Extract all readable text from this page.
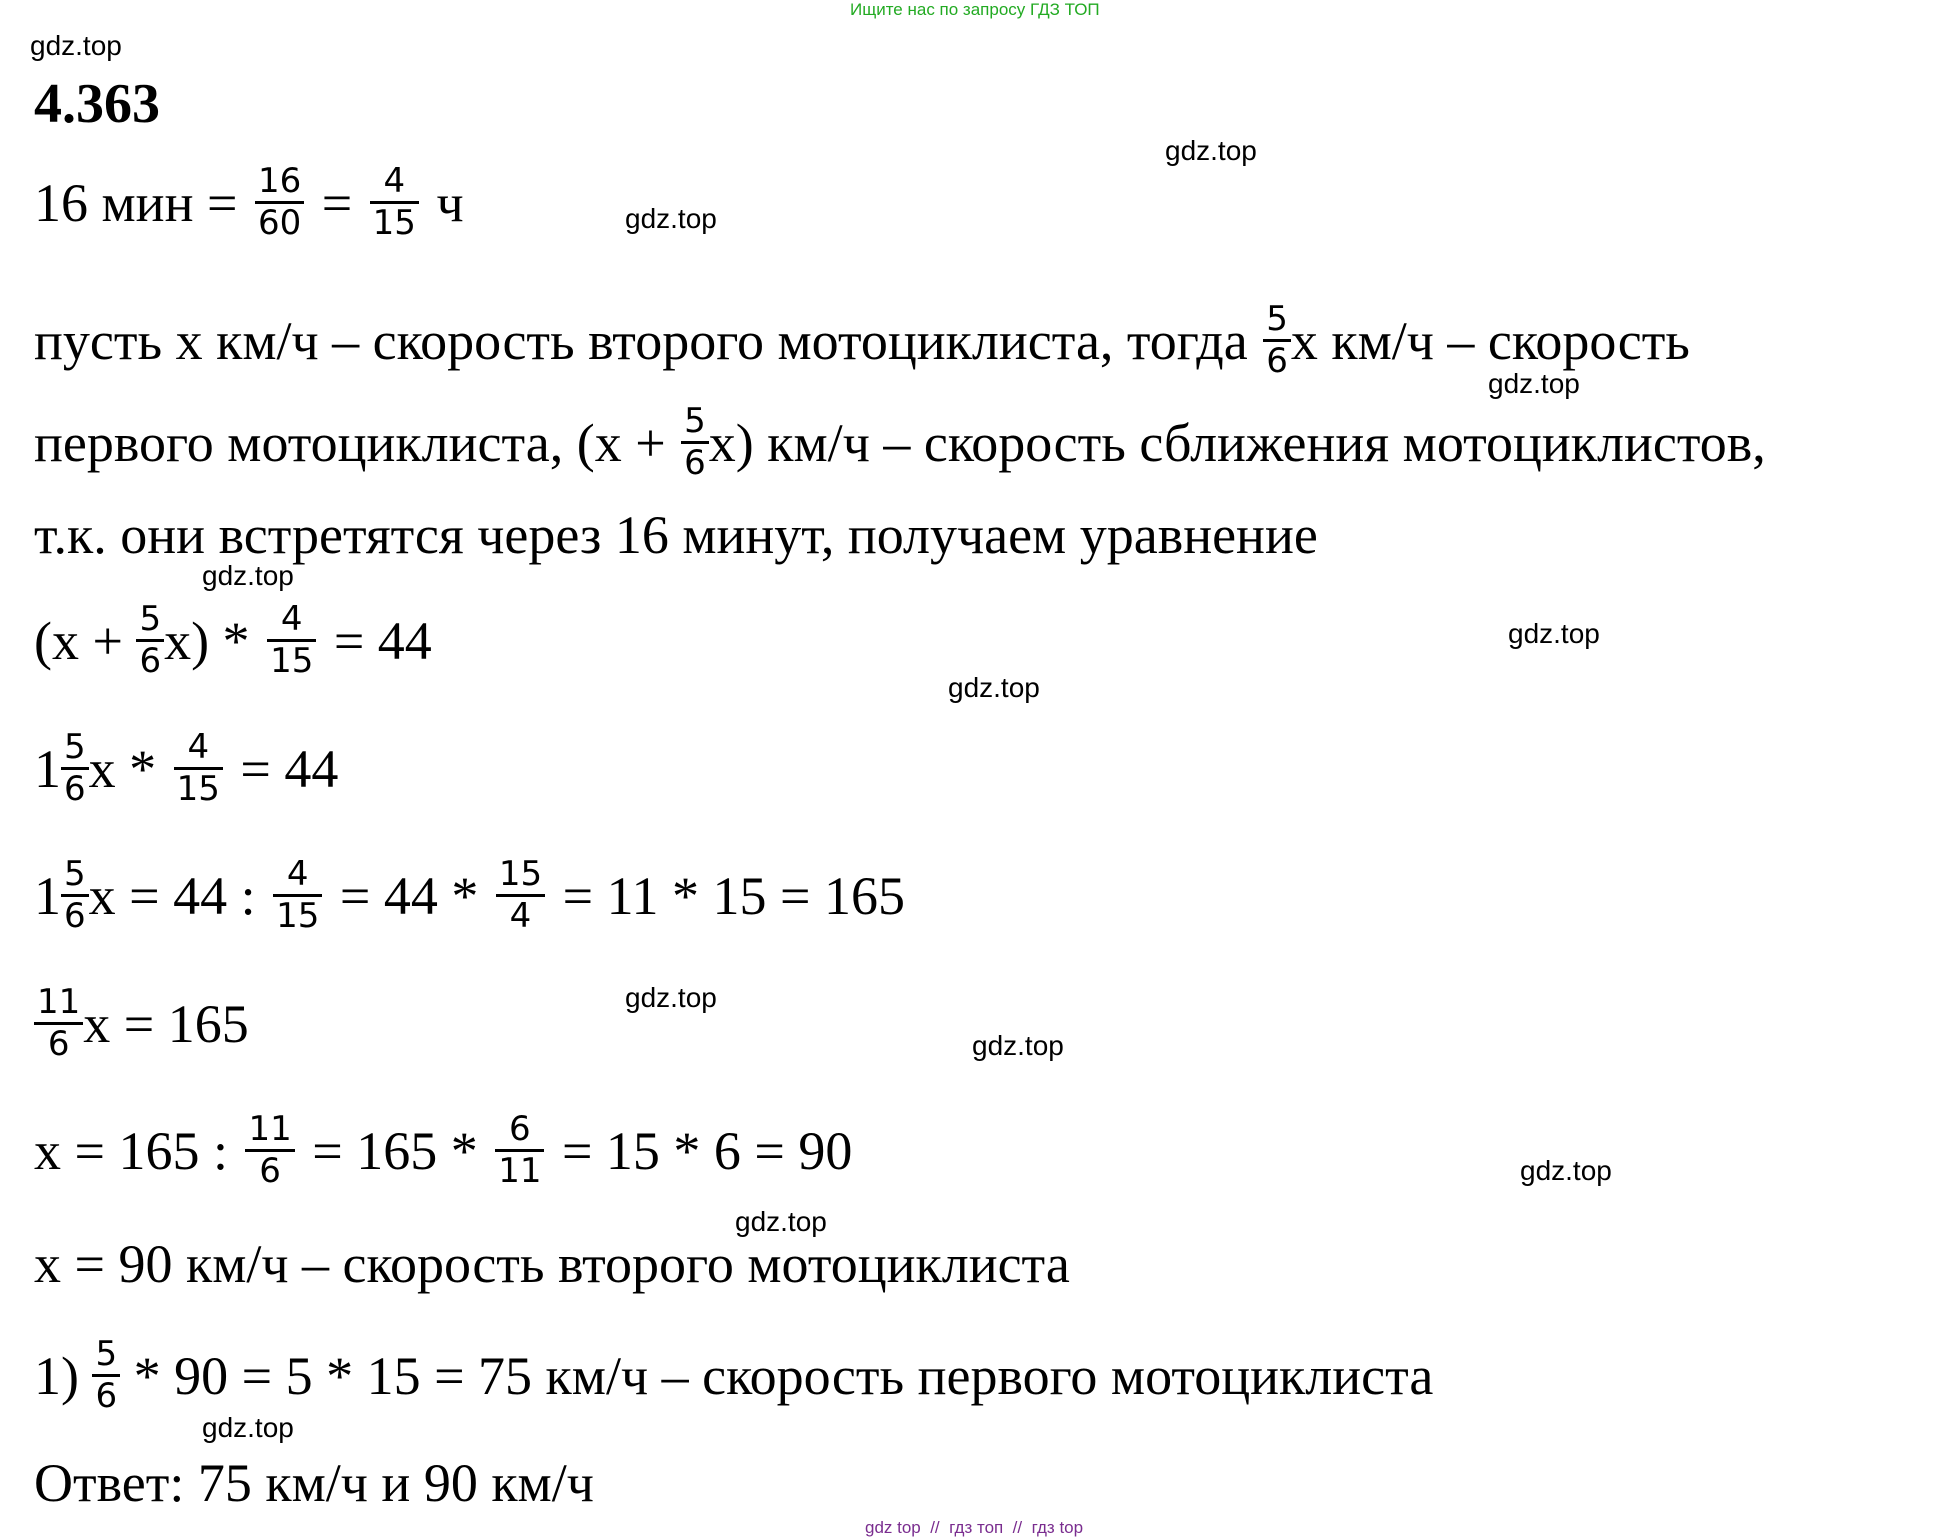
Ищите нас по запросу ГДЗ ТОП
gdz.top
gdz.top
gdz.top
gdz.top
gdz.top
gdz.top
gdz.top
gdz.top
gdz.top
gdz.top
gdz.top
gdz.top
4.363
16 мин = $\frac{16}{60} = \frac{4}{15}$ ч
пусть x км/ч – скорость второго мотоциклиста, тогда $\frac{5}{6}$ x км/ч – скорость
первого мотоциклиста, $(x + \frac{5}{6} x)$ км/ч – скорость сближения мотоциклистов,
т.к. они встретятся через 16 минут, получаем уравнение
$(x + \frac{5}{6} x) * \frac{4}{15} = 44$
$1 \frac{5}{6}$ $x * \frac{4}{15} = 44$
$1 \frac{5}{6}$ x = 44 : $\frac{4}{15} = 44 * \frac{15}{4} = 11 * 15 = 165$
$\frac{11}{6}$ x = 165
x = 165 : $\frac{11}{6} = 165 * \frac{6}{11} = 15 * 6 = 90$
x = 90 км/ч – скорость второго мотоциклиста
$1) \frac{5}{6} * 90 = 5 * 15 = 75$ км/ч – скорость первого мотоциклиста
Ответ: 75 км/ч и 90 км/ч
gdz top  //  гдз топ  //  гдз top
